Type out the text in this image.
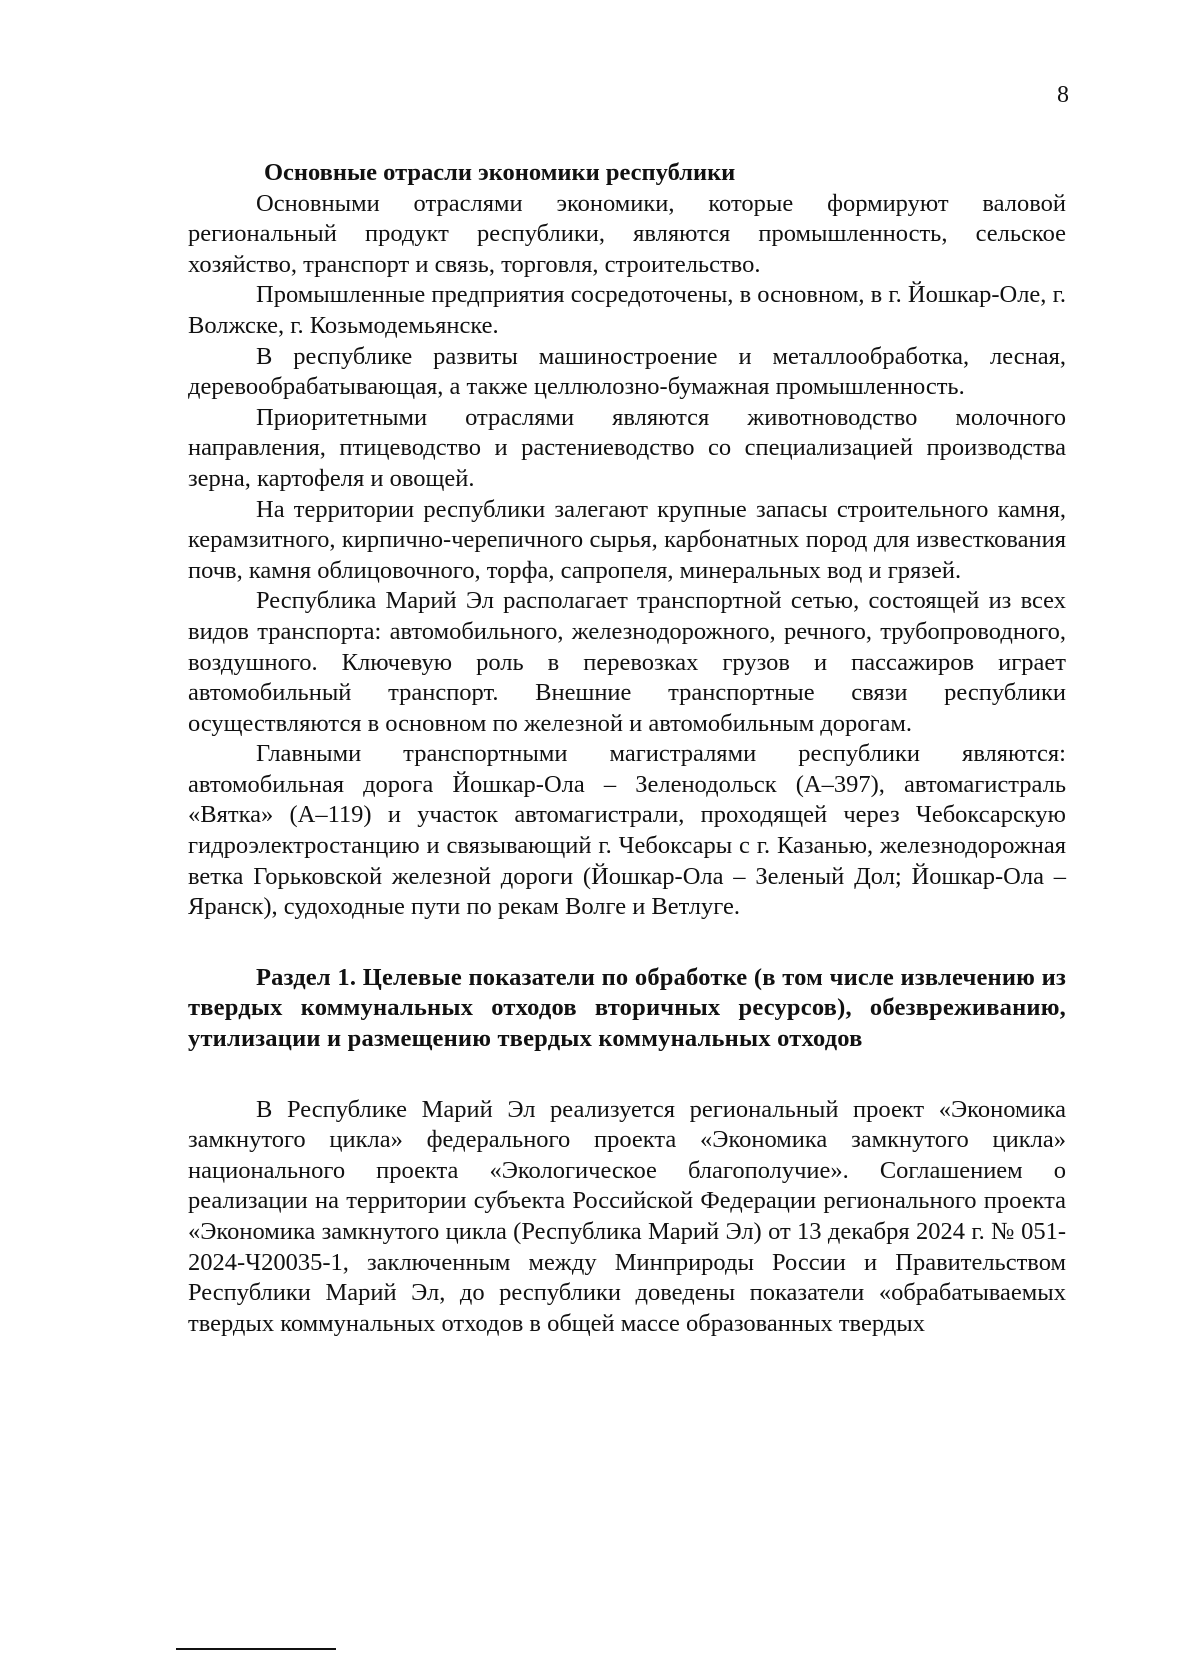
8

Основные отрасли экономики республики

Основными отраслями экономики, которые формируют валовой региональный продукт республики, являются промышленность, сельское хозяйство, транспорт и связь, торговля, строительство.

Промышленные предприятия сосредоточены, в основном, в г. Йошкар-Оле, г. Волжске, г. Козьмодемьянске.

В республике развиты машиностроение и металлообработка, лесная, деревообрабатывающая, а также целлюлозно-бумажная промышленность.

Приоритетными отраслями являются животноводство молочного направления, птицеводство и растениеводство со специализацией производства зерна, картофеля и овощей.

На территории республики залегают крупные запасы строительного камня, керамзитного, кирпично-черепичного сырья, карбонатных пород для известкования почв, камня облицовочного, торфа, сапропеля, минеральных вод и грязей.

Республика Марий Эл располагает транспортной сетью, состоящей из всех видов транспорта: автомобильного, железнодорожного, речного, трубопроводного, воздушного. Ключевую роль в перевозках грузов и пассажиров играет автомобильный транспорт. Внешние транспортные связи республики осуществляются в основном по железной и автомобильным дорогам.

Главными транспортными магистралями республики являются: автомобильная дорога Йошкар-Ола – Зеленодольск (А–397), автомагистраль «Вятка» (А–119) и участок автомагистрали, проходящей через Чебоксарскую гидроэлектростанцию и связывающий г. Чебоксары с г. Казанью, железнодорожная ветка Горьковской железной дороги (Йошкар-Ола – Зеленый Дол; Йошкар-Ола – Яранск), судоходные пути по рекам Волге и Ветлуге.

Раздел 1. Целевые показатели по обработке (в том числе извлечению из твердых коммунальных отходов вторичных ресурсов), обезвреживанию, утилизации и размещению твердых коммунальных отходов

В Республике Марий Эл реализуется региональный проект «Экономика замкнутого цикла» федерального проекта «Экономика замкнутого цикла» национального проекта «Экологическое благополучие». Соглашением о реализации на территории субъекта Российской Федерации регионального проекта «Экономика замкнутого цикла (Республика Марий Эл) от 13 декабря 2024 г. № 051-2024-Ч20035-1, заключенным между Минприроды России и Правительством Республики Марий Эл, до республики доведены показатели «обрабатываемых твердых коммунальных отходов в общей массе образованных твердых
